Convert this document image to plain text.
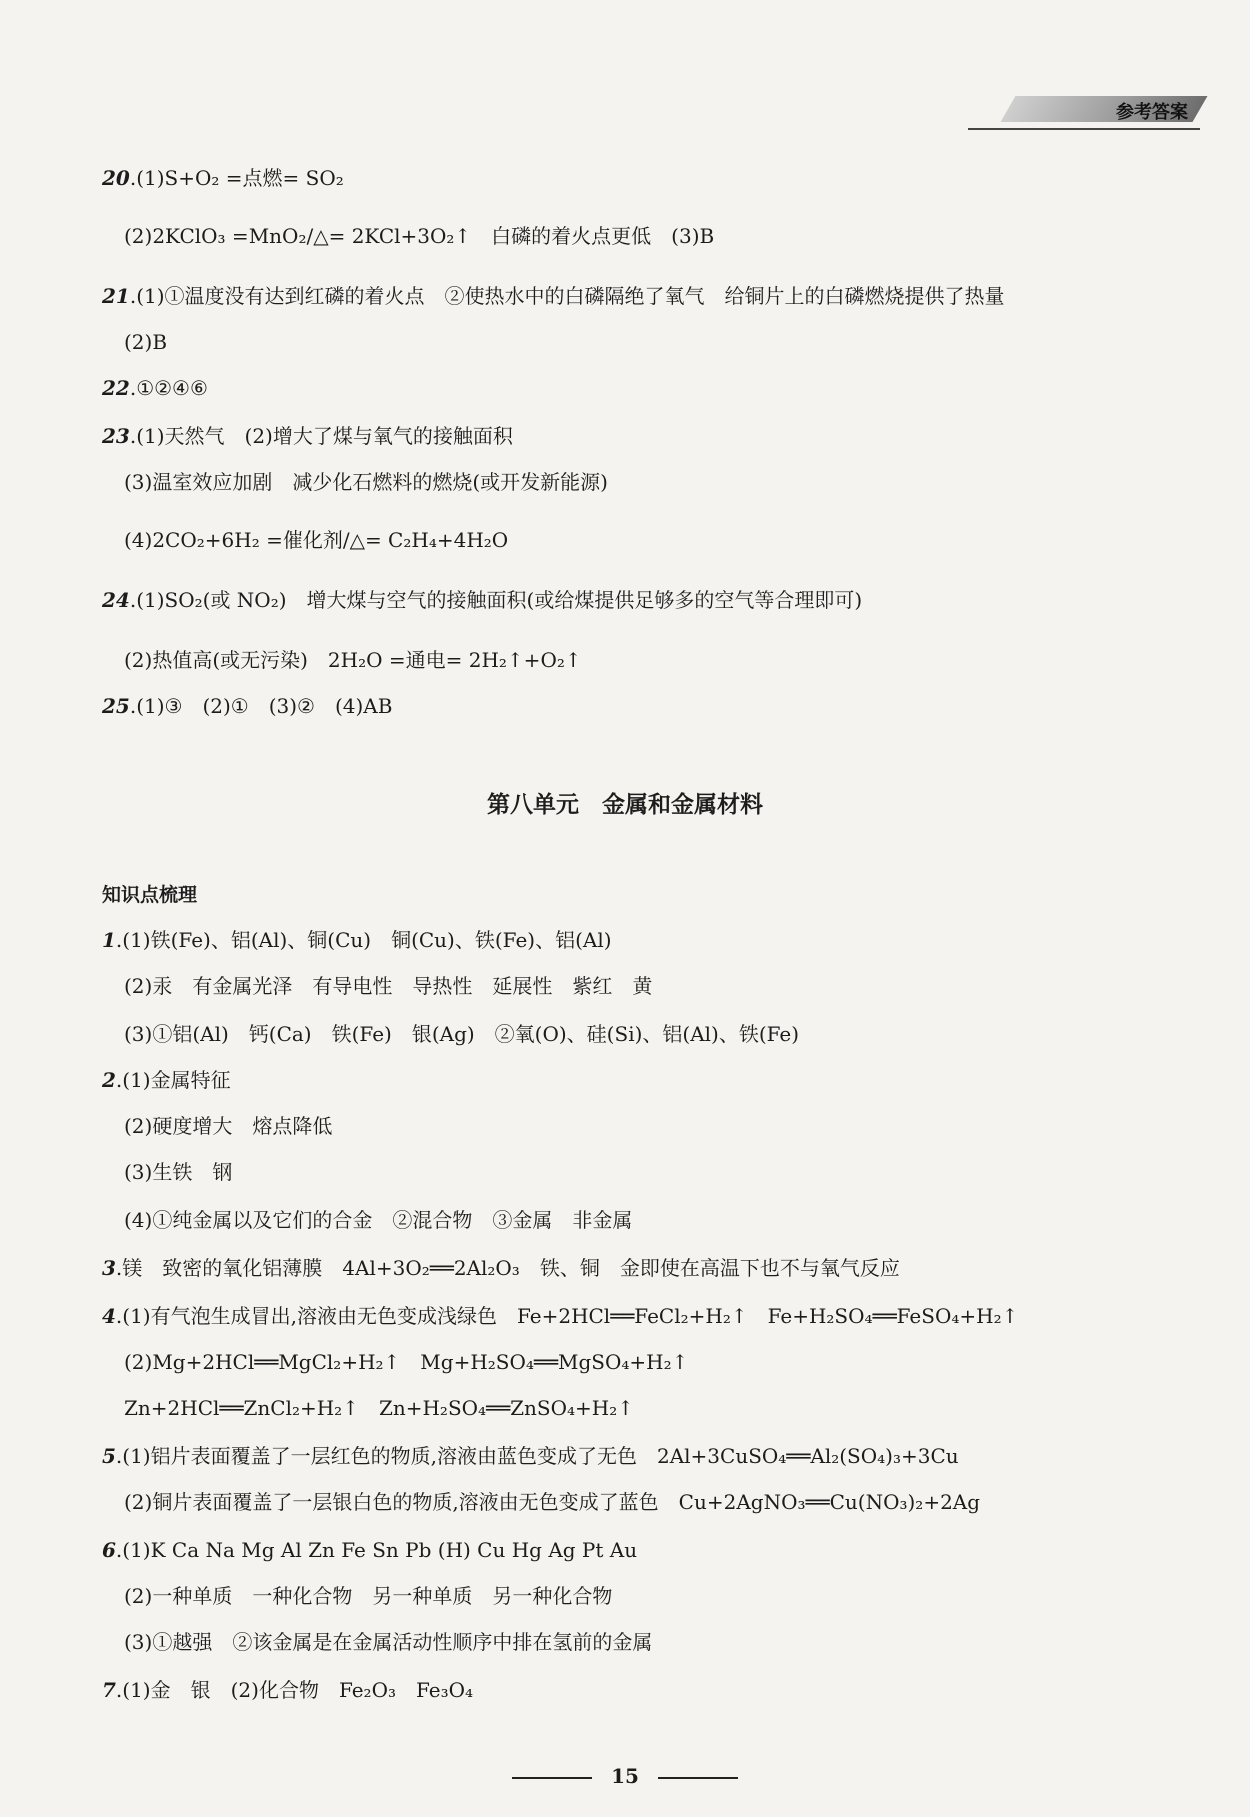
参考答案
20.(1)S+O₂ =点燃= SO₂
(2)2KClO₃ =MnO₂/△= 2KCl+3O₂↑　白磷的着火点更低　(3)B
21.(1)①温度没有达到红磷的着火点　②使热水中的白磷隔绝了氧气　给铜片上的白磷燃烧提供了热量
(2)B
22.①②④⑥
23.(1)天然气　(2)增大了煤与氧气的接触面积
(3)温室效应加剧　减少化石燃料的燃烧(或开发新能源)
(4)2CO₂+6H₂ =催化剂/△= C₂H₄+4H₂O
24.(1)SO₂(或 NO₂)　增大煤与空气的接触面积(或给煤提供足够多的空气等合理即可)
(2)热值高(或无污染)　2H₂O =通电= 2H₂↑+O₂↑
25.(1)③　(2)①　(3)②　(4)AB
第八单元　金属和金属材料
知识点梳理
1.(1)铁(Fe)、铝(Al)、铜(Cu)　铜(Cu)、铁(Fe)、铝(Al)
(2)汞　有金属光泽　有导电性　导热性　延展性　紫红　黄
(3)①铝(Al)　钙(Ca)　铁(Fe)　银(Ag)　②氧(O)、硅(Si)、铝(Al)、铁(Fe)
2.(1)金属特征
(2)硬度增大　熔点降低
(3)生铁　钢
(4)①纯金属以及它们的合金　②混合物　③金属　非金属
3.镁　致密的氧化铝薄膜　4Al+3O₂══2Al₂O₃　铁、铜　金即使在高温下也不与氧气反应
4.(1)有气泡生成冒出,溶液由无色变成浅绿色　Fe+2HCl══FeCl₂+H₂↑　Fe+H₂SO₄══FeSO₄+H₂↑
(2)Mg+2HCl══MgCl₂+H₂↑　Mg+H₂SO₄══MgSO₄+H₂↑
Zn+2HCl══ZnCl₂+H₂↑　Zn+H₂SO₄══ZnSO₄+H₂↑
5.(1)铝片表面覆盖了一层红色的物质,溶液由蓝色变成了无色　2Al+3CuSO₄══Al₂(SO₄)₃+3Cu
(2)铜片表面覆盖了一层银白色的物质,溶液由无色变成了蓝色　Cu+2AgNO₃══Cu(NO₃)₂+2Ag
6.(1)K Ca Na Mg Al Zn Fe Sn Pb (H) Cu Hg Ag Pt Au
(2)一种单质　一种化合物　另一种单质　另一种化合物
(3)①越强　②该金属是在金属活动性顺序中排在氢前的金属
7.(1)金　银　(2)化合物　Fe₂O₃　Fe₃O₄
15
